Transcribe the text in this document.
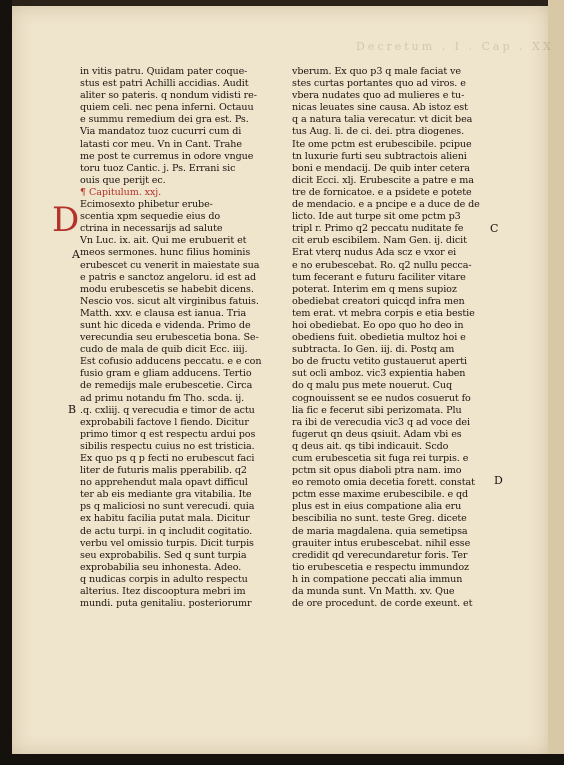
Decretum . I . Cap . XX
D
A
B
C
D
in vitis patru. Quidam pater coque-
stus est patri Achilli accidias. Audit
aliter so pateris. q nondum vidisti re-
quiem celi. nec pena inferni. Octauu
e summu remedium dei gra est. Ps.
Via mandatoz tuoz cucurri cum di
latasti cor meu. Vn in Cant. Trahe
me post te curremus in odore vngue
toru tuoz Cantic. j. Ps. Errani sic
ouis que perijt ec.
¶ Capitulum. xxj.
Ecimosexto phibetur erube-
scentia xpm sequedie eius do
ctrina in necessarijs ad salute
Vn Luc. ix. ait. Qui me erubuerit et
meos sermones. hunc filius hominis
erubescet cu venerit in maiestate sua
e patris e sanctoz angeloru. id est ad
modu erubescetis se habebit dicens.
Nescio vos. sicut alt virginibus fatuis.
Matth. xxv. e clausa est ianua. Tria
sunt hic diceda e videnda. Primo de
verecundia seu erubescetia bona. Se-
cudo de mala de quib dicit Ecc. iiij.
Est cofusio adducens peccatu. e e con
fusio gram e gliam adducens. Tertio
de remedijs male erubescetie. Circa
ad primu notandu fm Tho. scda. ij.
.q. cxliij. q verecudia e timor de actu
exprobabili factove l fiendo. Dicitur
primo timor q est respectu ardui pos
sibilis respectu cuius no est tristicia.
Ex quo ps q p fecti no erubescut faci
liter de futuris malis pperabilib. q2
no apprehendut mala opavt difficul
ter ab eis mediante gra vitabilia. Ite
ps q maliciosi no sunt verecudi. quia
ex habitu facilia putat mala. Dicitur
de actu turpi. in q includit cogitatio.
verbu vel omissio turpis. Dicit turpis
seu exprobabilis. Sed q sunt turpia
exprobabilia seu inhonesta. Adeo.
q nudicas corpis in adulto respectu
alterius. Itez discooptura mebri im
mundi. puta genitaliu. posteriorumr
vberum. Ex quo p3 q male faciat ve
stes curtas portantes quo ad viros. e
vbera nudates quo ad mulieres e tu-
nicas leuates sine causa. Ab istoz est
q a natura talia verecatur. vt dicit bea
tus Aug. li. de ci. dei. ptra diogenes.
Ite ome pctm est erubescibile. pcipue
tn luxurie furti seu subtractois alieni
boni e mendacij. De quib inter cetera
dicit Ecci. xlj. Erubescite a patre e ma
tre de fornicatoe. e a psidete e potete
de mendacio. e a pncipe e a duce de de
licto. Ide aut turpe sit ome pctm p3
tripl r. Primo q2 peccatu nuditate fe
cit erub escibilem. Nam Gen. ij. dicit
Erat vterq nudus Ada scz e vxor ei
e no erubescebat. Ro. q2 nullu pecca-
tum fecerant e futuru faciliter vitare
poterat. Interim em q mens supioz
obediebat creatori quicqd infra men
tem erat. vt mebra corpis e etia bestie
hoi obediebat. Eo opo quo ho deo in
obediens fuit. obedietia multoz hoi e
subtracta. Io Gen. iij. di. Postq am
bo de fructu vetito gustauerut aperti
sut ocli amboz. vic3 expientia haben
do q malu pus mete nouerut. Cuq
cognouissent se ee nudos cosuerut fo
lia fic e fecerut sibi perizomata. Plu
ra ibi de verecudia vic3 q ad voce dei
fugerut qn deus qsiuit. Adam vbi es
q deus ait. qs tibi indicauit. Scdo
cum erubescetia sit fuga rei turpis. e
pctm sit opus diaboli ptra nam. imo
eo remoto omia decetia forett. constat
pctm esse maxime erubescibile. e qd
plus est in eius compatione alia eru
bescibilia no sunt. teste Greg. dicete
de maria magdalena. quia semetipsa
grauiter intus erubescebat. nihil esse
credidit qd verecundaretur foris. Ter
tio erubescetia e respectu immundoz
h in compatione peccati alia immun
da munda sunt. Vn Matth. xv. Que
de ore procedunt. de corde exeunt. et
